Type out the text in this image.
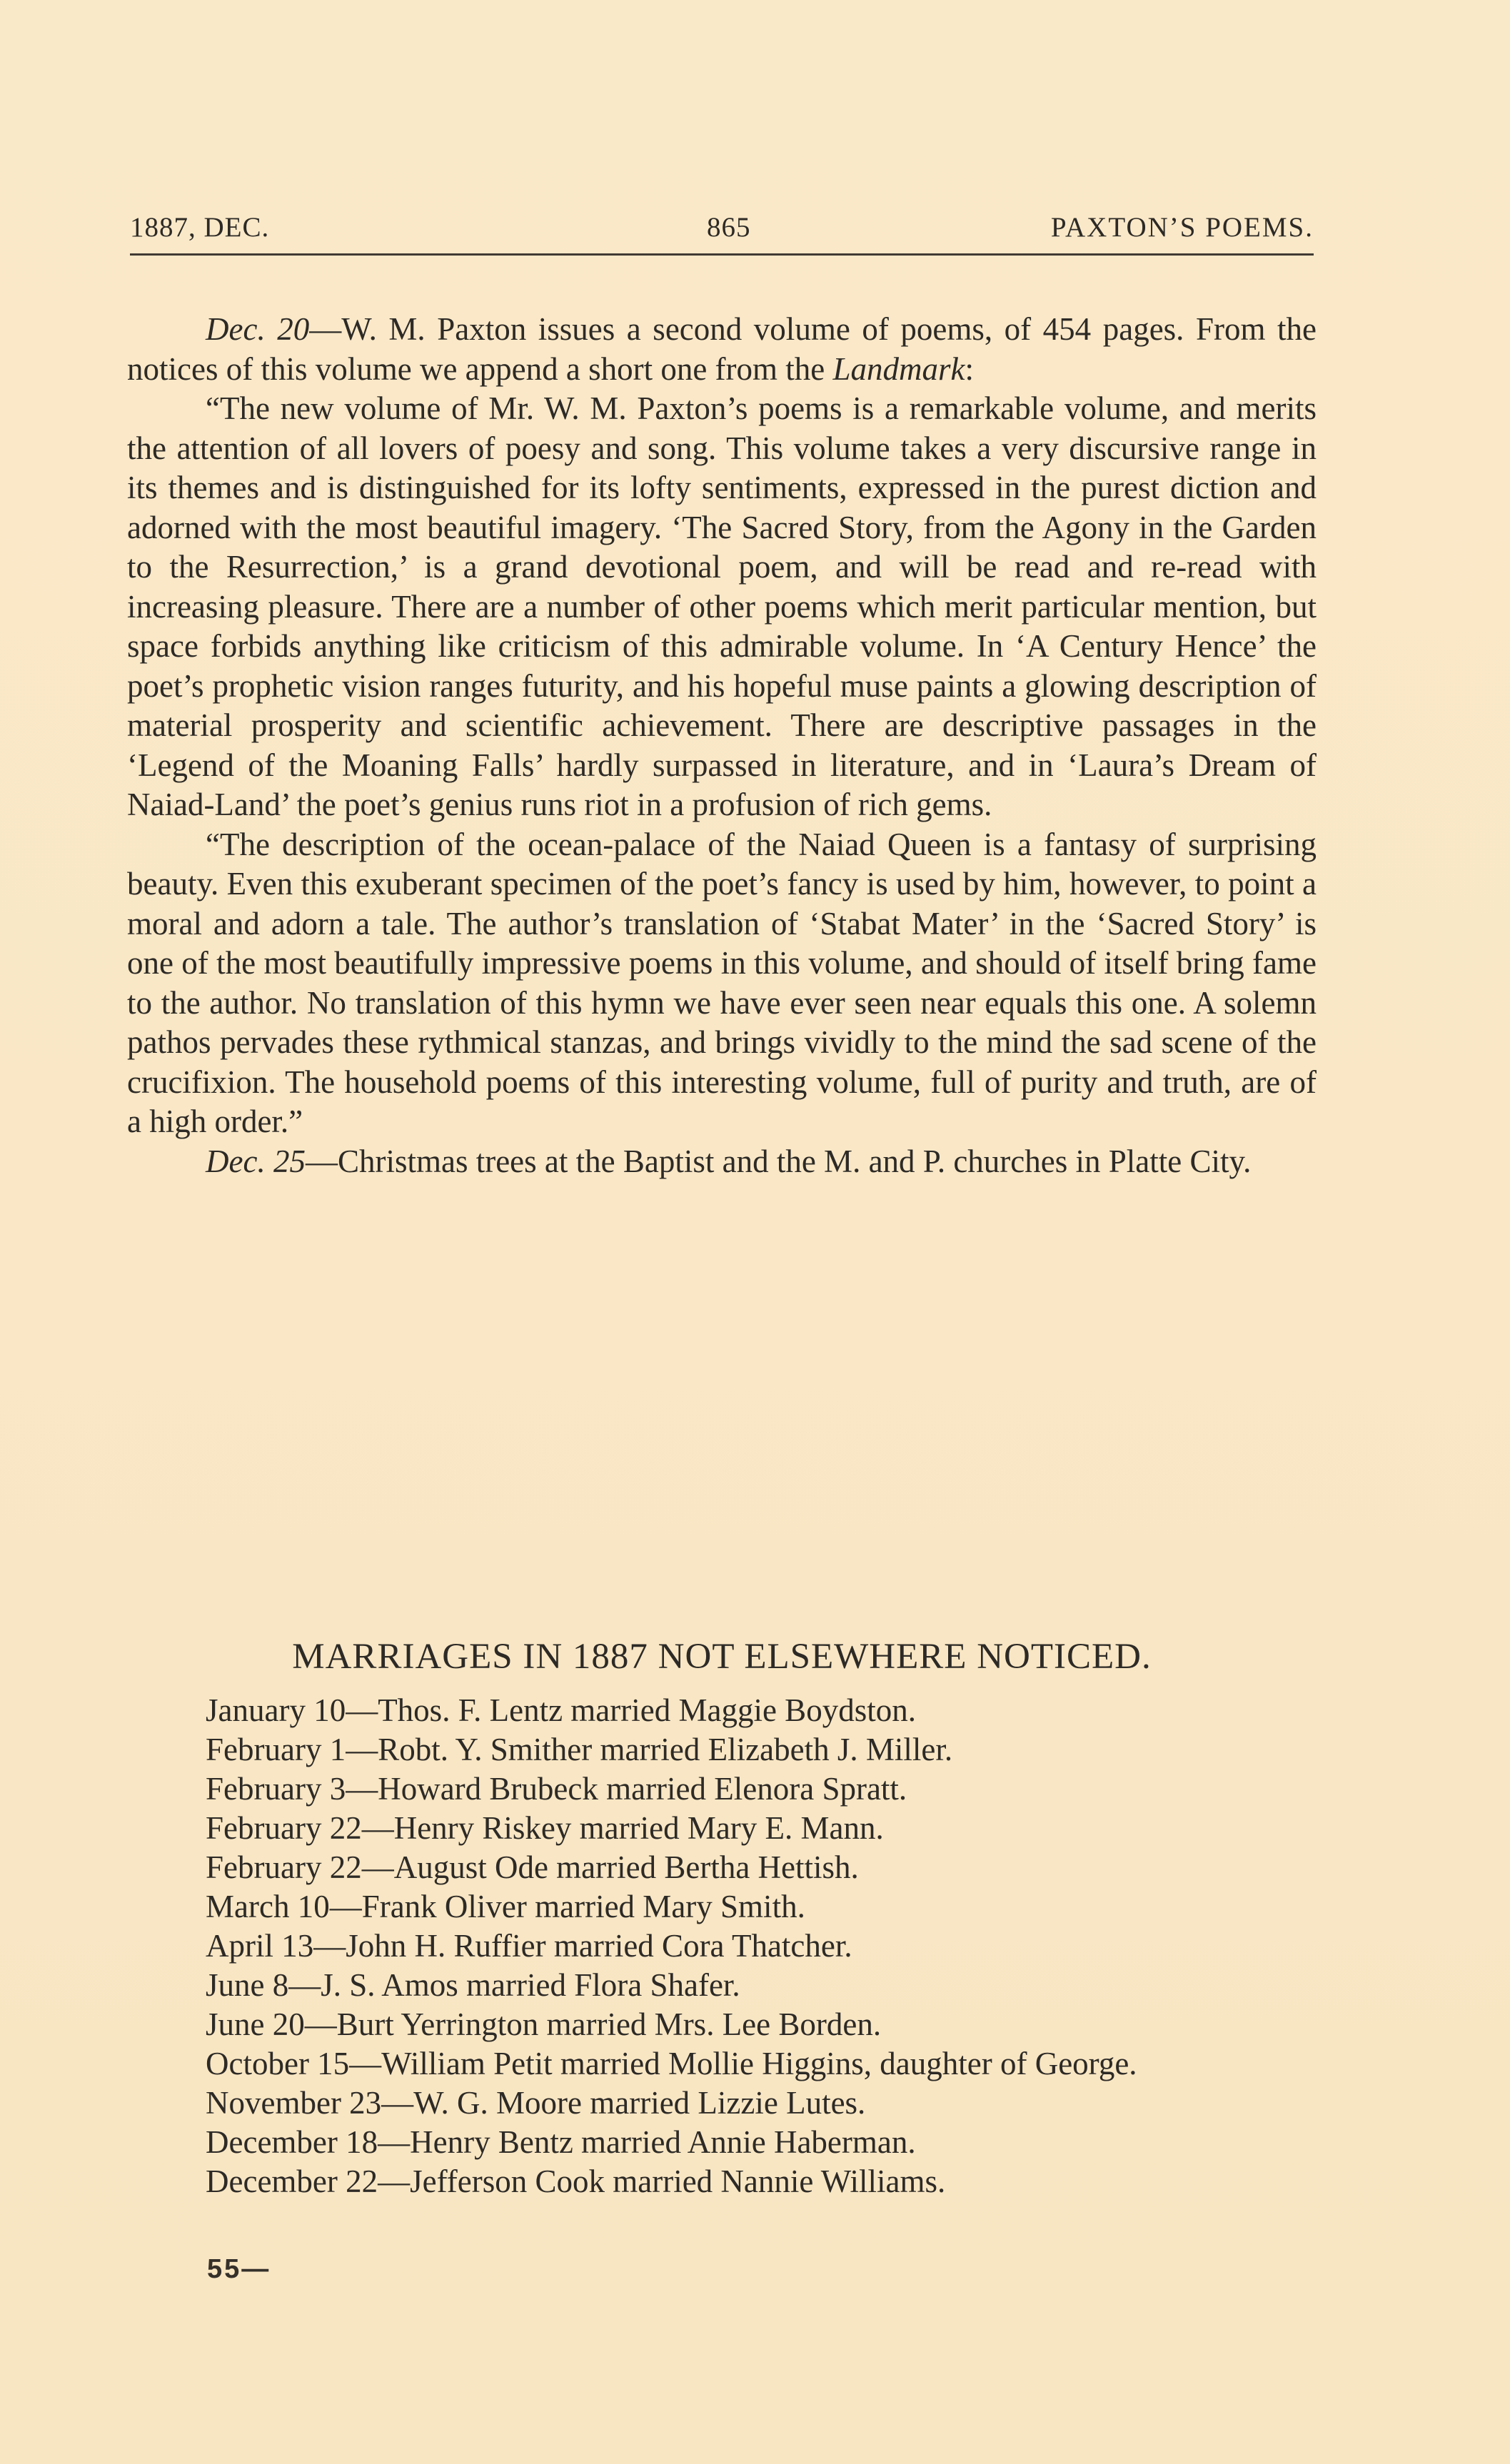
1887, DEC.	865	PAXTON’S POEMS.

Dec. 20—W. M. Paxton issues a second volume of poems, of 454 pages. From the notices of this volume we append a short one from the Landmark:

“The new volume of Mr. W. M. Paxton’s poems is a remarkable volume, and merits the attention of all lovers of poesy and song. This volume takes a very discursive range in its themes and is distinguished for its lofty sentiments, expressed in the purest diction and adorned with the most beautiful imagery. ‘The Sacred Story, from the Agony in the Garden to the Resurrection,’ is a grand devotional poem, and will be read and re-read with increasing pleasure. There are a number of other poems which merit particular mention, but space forbids anything like criticism of this admirable volume. In ‘A Century Hence’ the poet’s prophetic vision ranges futurity, and his hopeful muse paints a glowing description of material prosperity and scientific achievement. There are descriptive passages in the ‘Legend of the Moaning Falls’ hardly surpassed in literature, and in ‘Laura’s Dream of Naiad-Land’ the poet’s genius runs riot in a profusion of rich gems.

“The description of the ocean-palace of the Naiad Queen is a fantasy of surprising beauty. Even this exuberant specimen of the poet’s fancy is used by him, however, to point a moral and adorn a tale. The author’s translation of ‘Stabat Mater’ in the ‘Sacred Story’ is one of the most beautifully impressive poems in this volume, and should of itself bring fame to the author. No translation of this hymn we have ever seen near equals this one. A solemn pathos pervades these rythmical stanzas, and brings vividly to the mind the sad scene of the crucifixion. The household poems of this interesting volume, full of purity and truth, are of a high order.”

Dec. 25—Christmas trees at the Baptist and the M. and P. churches in Platte City.

MARRIAGES IN 1887 NOT ELSEWHERE NOTICED.
January 10—Thos. F. Lentz married Maggie Boydston.
February 1—Robt. Y. Smither married Elizabeth J. Miller.
February 3—Howard Brubeck married Elenora Spratt.
February 22—Henry Riskey married Mary E. Mann.
February 22—August Ode married Bertha Hettish.
March 10—Frank Oliver married Mary Smith.
April 13—John H. Ruffier married Cora Thatcher.
June 8—J. S. Amos married Flora Shafer.
June 20—Burt Yerrington married Mrs. Lee Borden.
October 15—William Petit married Mollie Higgins, daughter of George.
November 23—W. G. Moore married Lizzie Lutes.
December 18—Henry Bentz married Annie Haberman.
December 22—Jefferson Cook married Nannie Williams.
55—
